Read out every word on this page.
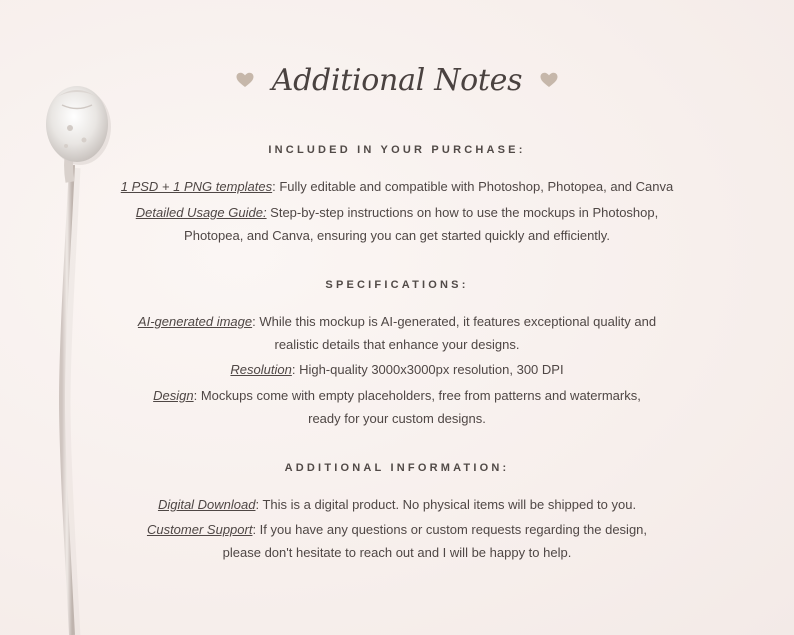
Additional Notes
INCLUDED IN YOUR PURCHASE:
1 PSD + 1 PNG templates: Fully editable and compatible with Photoshop, Photopea, and Canva
Detailed Usage Guide: Step-by-step instructions on how to use the mockups in Photoshop,
Photopea, and Canva, ensuring you can get started quickly and efficiently.
SPECIFICATIONS:
AI-generated image: While this mockup is AI-generated, it features exceptional quality and
realistic details that enhance your designs.
Resolution: High-quality 3000x3000px resolution, 300 DPI
Design: Mockups come with empty placeholders, free from patterns and watermarks,
ready for your custom designs.
ADDITIONAL INFORMATION:
Digital Download: This is a digital product. No physical items will be shipped to you.
Customer Support: If you have any questions or custom requests regarding the design,
please don't hesitate to reach out and I will be happy to help.
